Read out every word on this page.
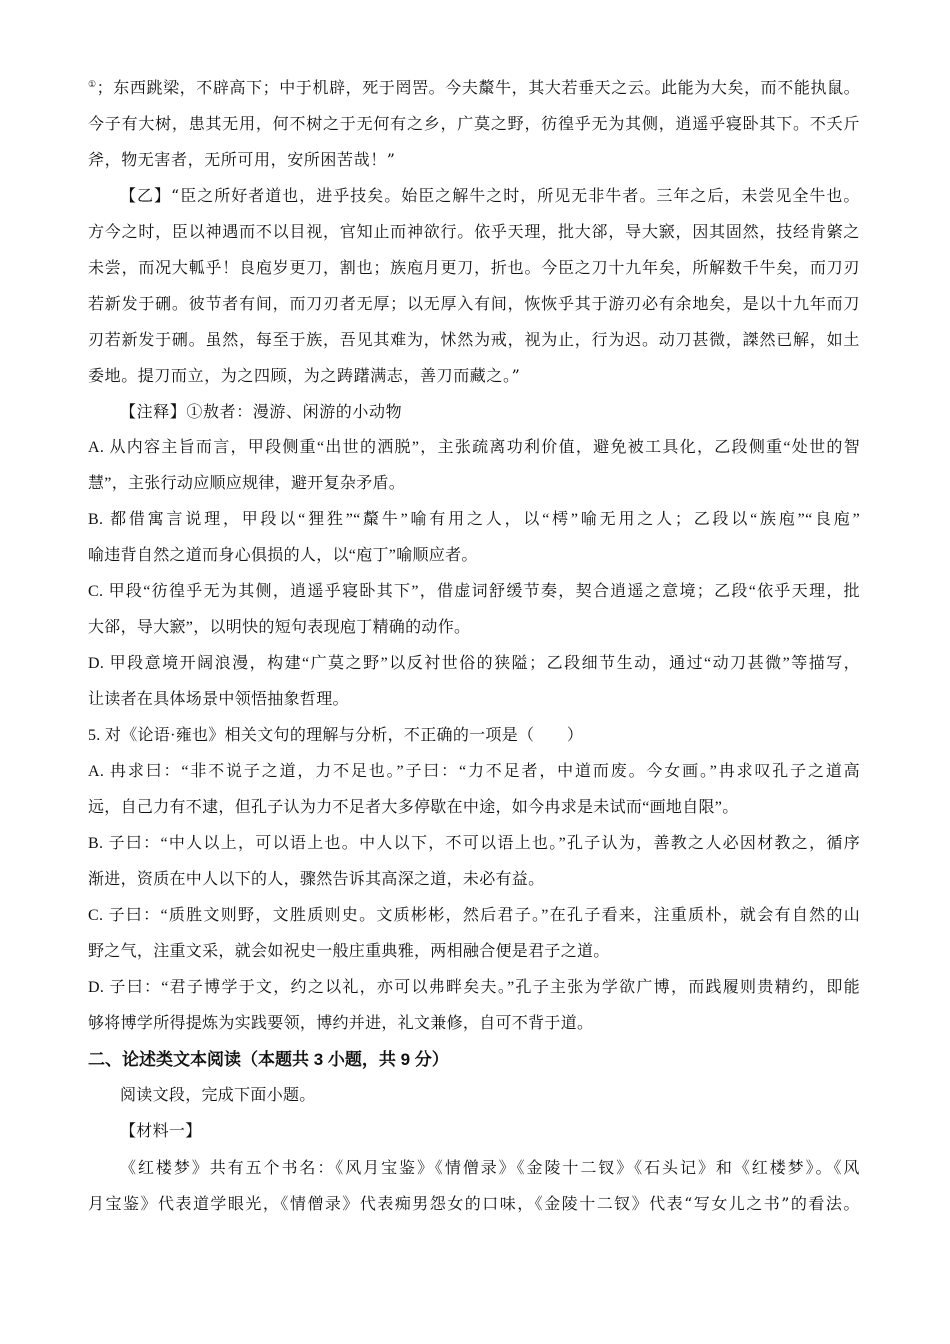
①；东西跳梁，不辟高下；中于机辟，死于罔罟。今夫斄牛，其大若垂天之云。此能为大矣，而不能执鼠。
今子有大树，患其无用，何不树之于无何有之乡，广莫之野，彷徨乎无为其侧，逍遥乎寝卧其下。不夭斤
斧，物无害者，无所可用，安所困苦哉！”
【乙】“臣之所好者道也，进乎技矣。始臣之解牛之时，所见无非牛者。三年之后，未尝见全牛也。
方今之时，臣以神遇而不以目视，官知止而神欲行。依乎天理，批大郤，导大窾，因其固然，技经肯綮之
未尝，而况大軱乎！良庖岁更刀，割也；族庖月更刀，折也。今臣之刀十九年矣，所解数千牛矣，而刀刃
若新发于硎。彼节者有间，而刀刃者无厚；以无厚入有间，恢恢乎其于游刃必有余地矣，是以十九年而刀
刃若新发于硎。虽然，每至于族，吾见其难为，怵然为戒，视为止，行为迟。动刀甚微，謋然已解，如土
委地。提刀而立，为之四顾，为之踌躇满志，善刀而藏之。”
【注释】①敖者：漫游、闲游的小动物
A. 从内容主旨而言，甲段侧重“出世的洒脱”，主张疏离功利价值，避免被工具化，乙段侧重“处世的智
慧”，主张行动应顺应规律，避开复杂矛盾。
B. 都借寓言说理，甲段以“狸狌”“斄牛”喻有用之人，以“樗”喻无用之人；乙段以“族庖”“良庖”
喻违背自然之道而身心俱损的人，以“庖丁”喻顺应者。
C. 甲段“彷徨乎无为其侧，逍遥乎寝卧其下”，借虚词舒缓节奏，契合逍遥之意境；乙段“依乎天理，批
大郤，导大窾”，以明快的短句表现庖丁精确的动作。
D. 甲段意境开阔浪漫，构建“广莫之野”以反衬世俗的狭隘；乙段细节生动，通过“动刀甚微”等描写，
让读者在具体场景中领悟抽象哲理。
5. 对《论语·雍也》相关文句的理解与分析，不正确的一项是（　　）
A. 冉求曰：“非不说子之道，力不足也。”子曰：“力不足者，中道而废。今女画。”冉求叹孔子之道高
远，自己力有不逮，但孔子认为力不足者大多停歇在中途，如今冉求是未试而“画地自限”。
B. 子曰：“中人以上，可以语上也。中人以下，不可以语上也。”孔子认为，善教之人必因材教之，循序
渐进，资质在中人以下的人，骤然告诉其高深之道，未必有益。
C. 子曰：“质胜文则野，文胜质则史。文质彬彬，然后君子。”在孔子看来，注重质朴，就会有自然的山
野之气，注重文采，就会如祝史一般庄重典雅，两相融合便是君子之道。
D. 子曰：“君子博学于文，约之以礼，亦可以弗畔矣夫。”孔子主张为学欲广博，而践履则贵精约，即能
够将博学所得提炼为实践要领，博约并进，礼文兼修，自可不背于道。
二、论述类文本阅读（本题共 3 小题，共 9 分）
阅读文段，完成下面小题。
【材料一】
《红楼梦》共有五个书名：《风月宝鉴》《情僧录》《金陵十二钗》《石头记》和《红楼梦》。《风
月宝鉴》代表道学眼光，《情僧录》代表痴男怨女的口味，《金陵十二钗》代表“写女儿之书”的看法。
